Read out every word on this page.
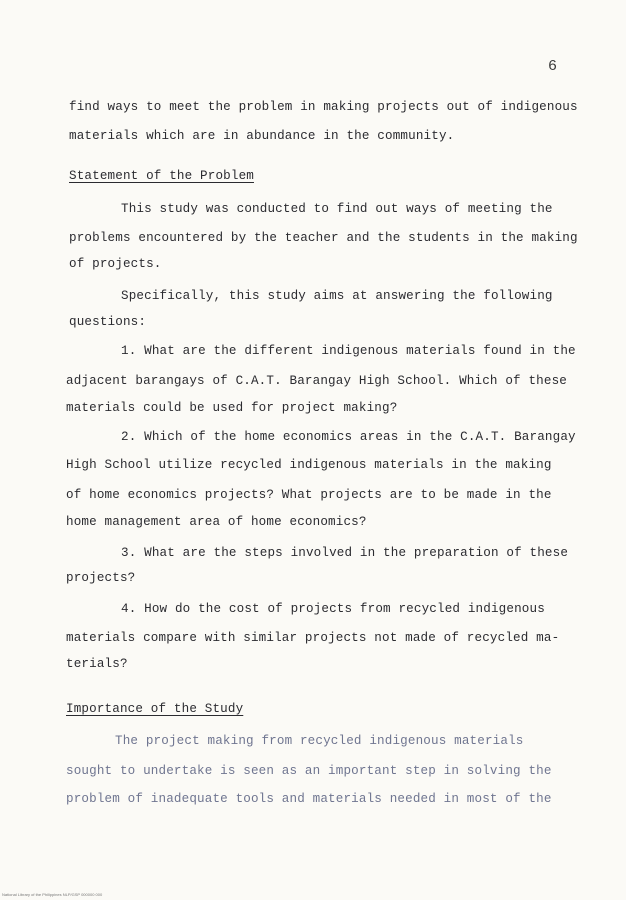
6
find ways to meet the problem in making projects out of indigenous
materials which are in abundance in the community.
Statement of the Problem
This study was conducted to find out ways of meeting the
problems encountered by the teacher and the students in the making
of projects.
Specifically, this study aims at answering the following
questions:
1. What are the different indigenous materials found in the
adjacent barangays of C.A.T. Barangay High School. Which of these
materials could be used for project making?
2. Which of the home economics areas in the C.A.T. Barangay
High School utilize recycled indigenous materials in the making
of home economics projects? What projects are to be made in the
home management area of home economics?
3. What are the steps involved in the preparation of these
projects?
4. How do the cost of projects from recycled indigenous
materials compare with similar projects not made of recycled ma-
terials?
Importance of the Study
The project making from recycled indigenous materials
sought to undertake is seen as an important step in solving the
problem of inadequate tools and materials needed in most of the
National Library of the Philippines NLP/GSP 000000 000
